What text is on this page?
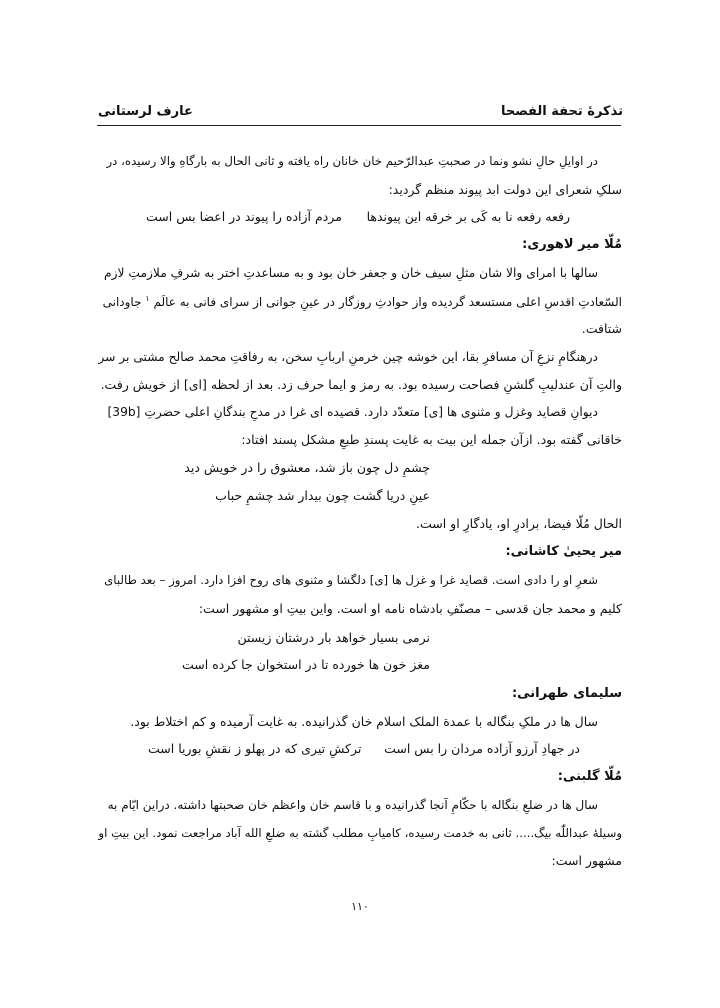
تذکرۀ تحفة الفصحا
عارف لرستانی
در اوایلِ حالِ نشو ونما در صحبتِ عبدالرّحیم خان خانان راه یافته و ثانی الحال به بارگاهِ والا رسیده، در
سلکِ شعرای این دولت ابد پیوند منظم گردید:
رفعه رفعه نا به کَی بر خرقه این پیوندها
مردم آزاده را پیوند در اعضا بس است
مُلّا میر لاهوری:
سالها با امرای والا شان مثلِ سیف خان و جعفر خان بود و به مساعدتِ اختر به شرفِ ملازمتِ لازم
السّعادتِ اقدسِ اعلی مستسعد گردیده واز حوادثِ روزگار در عینِ جوانی از سرای فانی به عالَم $^۱$ جاودانی
شتافت.
درهنگامِ نزعِ آن مسافرِ بقا، این خوشه چین خرمنِ اربابِ سخن، به رفاقتِ محمد صالح مشتی بر سر
والتِ آن عندلیبِ گلشنِ فصاحت رسیده بود. به رمز و ایما حرف زد. بعد از لحظه [ای] از خویش رفت.
دیوانِ قصاید وغزل و مثنوی ها [ی] متعدّد دارد. قصیده ای غرا در مدحِ بندگانِ اعلی حضرتِ [39b]
خاقانی گفته بود. ازآن جمله این بیت به غایت پسندِ طبعِ مشکل پسند افتاد:
چشمِ دل چون باز شد، معشوق را در خویش دید
عینِ دریا گشت چون بیدار شد چشمِ حباب
الحال مُلّا فیضا، برادرِ او، یادگارِ او است.
میر یحییٰ کاشانی:
شعرِ او را دادی است. قصاید غرا و غزل ها [ی] دلگشا و مثنوی های روح افزا دارد. امروز – بعد طالبای
کلیم و محمد جان قدسی – مصنّفِ بادشاه نامه او است. واین بیتِ او مشهور است:
نرمی بسیار خواهد بار درشتان زیستن
مغز خون ها خورده تا در استخوان جا کرده است
سلیمای طهرانی:
سال ها در ملکِ بنگاله با عمدة الملک اسلام خان گذرانیده. به غایت آرمیده و کم اختلاط بود.
در جهادِ آرزو آزاده مردان را بس است
ترکشِ تیری که در پهلو ز نقشِ بوریا است
مُلّا گلبنی:
سال ها در ضلعِ بنگاله با حکّامِ آنجا گذرانیده و با قاسم خان واعظم خان صحبتها داشته. دراین ایّام به
وسیلۀ عبداللّٰه بیگ..... ثانی به خدمت رسیده، کامیابِ مطلب گشته به ضلعِ الله آباد مراجعت نمود. این بیتِ او
مشهور است:
۱۱۰
